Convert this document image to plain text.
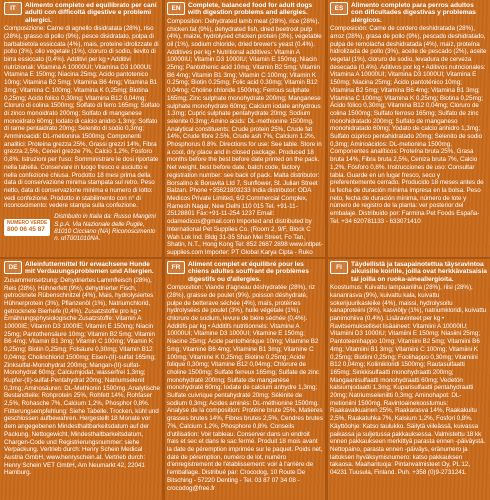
IT	Alimento completo ed equilibrato per cani adulti con difficoltà digestive e problemi allergici.

Composizione: Carne di agnello disidratata (28%), riso (28%), grasso di pollo (9%), pesce disidratato, polpa di barbabietola essiccata (4%), mais, proteine idrolizzate di pollo (3%), olio vegetale (1%), cloruro di sodio, lievito di birra essiccato (0,4%). Additivi per kg • Additivi nutrizionali: Vitamina A 10000UI; Vitamina D3 1000UI; Vitamina E 150mg; Niacina 25mg; Acido pantotenico 10mg; Vitamina B2 5mg; Vitamina B6 4mg; Vitamina B1 3mg; Vitamina C 100mg; Vitamina K 0,25mg; Biotina 0,25mg; Acido folico 0,30mg; Vitamina B12 0,04mg; Cloruro di colina 1500mg; Solfato di ferro 165mg; Solfato di zinco monoidrato 200mg; Solfato di manganese monoidrato 60mg; Iodato di calcio anidro 1,3mg; Solfato di rame pentaidrato 20mg; Selenito di sodio 0,3mg; Amminoacidi: DL-metionina 1500mg. Componenti analitici: Proteina grezza 25%, Grassi grezzi 14%, Fibra grezza 2,5%, Ceneri grezze 7%, Calcio 1,2%, Fosforo 0,8%. Istruzioni per l'uso: Somministrare le dosi riportate nella tabella. Conservare in luogo fresco e asciutto e nella confezione chiusa. Prodotto 18 mesi prima della data di conservazione minima stampata sul retro. Peso netto, data di conservazione minima e numero di lotto: vedi confezione. Prodotto in stabilimento con n° di riconoscimento: vedere stampa sulla confezione.

NUMERO VERDE
800 06 45 87
Distribuito in Italia da: Russo Mangimi S.p.A. Via Nazionale delle Puglie, 81010 Cicciano (NA) Riconoscimento n. αIT001010NA.
EN	Complete, balanced food for adult dogs with digestion problems and allergies.

Composition: Dehydrated lamb meat (28%), rice (28%), chicken fat (9%), dehydrated fish, dried beetroot pulp (4%), maize, hydrolysed chicken protein (3%), vegetable oil (1%), sodium chloride, dried brewer's yeast (0.4%). Additives per kg • Nutritional additives: Vitamin A 10000IU; Vitamin D3 1000IU; Vitamin E 150mg; Niacin 25mg; Pantothenic acid 10mg; Vitamin B2 5mg; Vitamin B6 4mg; Vitamin B1 3mg; Vitamin C 100mg; Vitamin K 0.25mg; Biotin 0.25mg; Folic acid 0.30mg; Vitamin B12 0.04mg; Choline chloride 1500mg; Ferrous sulphate 165mg; Zinc sulphate monohydrate 200mg; Manganese sulphate monohydrate 60mg; Calcium iodate anhydrous 1.3mg; Cupric sulphate pentahydrate 20mg; Sodium selenite 0.3mg; Amino acids: DL-methionine 1500mg. Analytical constituents: Crude protein 25%, Crude fat 14%, Crude fibre 2.5%, Crude ash 7%, Calcium 1.2%, Phosphorus 0.8%. Directions for use: See table. Store in a cool, dry place and in closed package. Produced 18 months before the best before date printed on the pack. Net weight, best before date, batch code, factory registration number: see back of pack. Malta distributor: Borsalino & Bonavita Ltd 7, Sunflower, St. Julian Street Balzan. Phone +35621803233 India distributor: ODA Medicos Private Limited, 6/2 Commercial Complex, Ramesh Nagar, New Delhi 110 015 Tel. +91-11-25128801 Fax:+91-11-254 1237 Email: odamedicos@gmail.com Imported and distributed by International Pet Supplies Co. (Room 2, 9/F, Block C Wah Lok Ind. Bldg 31-35 Shan Mei Street, Fo Tan, Shatin, N.T., Hong Kong Tel: 852 2687 2898 www.intlpet-supplies.com Importer: PT Global Karya Cipta - Ruko

ES	Alimento completo para perros adultos con dificultades digestivas y problemas alérgicos.

Composición: Carne de cordero deshidratada (28%), arroz (28%), grasa de pollo (9%), pescado deshidratado, pulpa de remolacha deshidratada (4%), maíz, proteína hidrolizada de pollo (3%), aceite de pescado (2%), aceite vegetal (1%), cloruro de sodio, levadura de cerveza desecada (0,4%). Aditivos por kg • Aditivos nutricionales: Vitamina A 10000UI; Vitamina D3 1000UI; Vitamina E 150mg; Niacina 25mg; Ácido pantoténico 10mg; Vitamina B2 5mg; Vitamina B6 4mg; Vitamina B1 3mg; Vitamina C 100mg; Vitamina K 0,25mg; Biotina 0,25mg; Ácido fólico 0,30mg; Vitamina B12 0,04mg; Cloruro de colina 1500mg; Sulfato ferroso 165mg; Sulfato de zinc monohidratado 200mg; Sulfato de manganeso monohidratado 60mg; Yodato de calcio anhidro 1,3mg; Sulfato cúprico pentahidratado 20mg; Selenito de sodio 0,3mg; Aminoácidos: DL-metionina 1500mg. Componentes analíticos: Proteína bruta 25%, Grasa bruta 14%, Fibra bruta 2,5%, Ceniza bruta 7%, Calcio 1,2%, Fósforo 0,8%. Instrucciones de uso: Consultar tabla. Guarde en un lugar fresco, seco y preferentemente cerrado. Producido 18 meses antes de la fecha de duración mínima impresa en la bolsa. Peso neto, fecha de duración mínima, número de lote y número de registro de la planta: ver posterior del embalaje. Distribuido por: Farmina Pet Foods España- Tel. +34 620781133 - 633071410

DE	Alleinfuttermittel für erwachsene Hunde mit Verdauungsproblemen und Allergien.

Zusammensetzung: Dehydriertes Lammfleisch (28%), Reis (28%), Hühnerfett (9%), dehydrierter Fisch, getrocknete Rübenschnitzel (4%), Mais, hydrolysiertes Hühnerprotein (3%), Pflanzenöl (1%), Natriumchlorid, getrocknete Bierhefe (0,4%). Zusatzstoffe pro kg • Ernährungsphysiologische Zusatzstoffe: Vitamin A 10000IE; Vitamin D3 1000IE; Vitamin E 150mg; Niacin 25mg; Pantothensäure 10mg; Vitamin B2 5mg; Vitamin B6 4mg; Vitamin B1 3mg; Vitamin C 100mg; Vitamin K 0,25mg; Biotin 0,25mg; Folsäure 0,30mg; Vitamin B12 0,04mg; Cholinchlorid 1500mg; Eisen-(II)-sulfat 165mg; Zinksulfat-Monohydrat 200mg; Mangan-(II)-sulfat-Monohydrat 60mg; Calciumjodat, wasserfrei 1,3mg; Kupfer-(II)-sulfat-Pentahydrat 20mg; Natriumselenit 0,3mg; Aminosäuren: DL-Methionin 1500mg. Analytische Bestandteile: Rohprotein 25%, Rohfett 14%, Rohfaser 2,5%, Rohasche 7%, Calcium 1,2%, Phosphor 0,8%. Fütterungsempfehlung: Siehe Tabelle. Trocken, kühl und geschlossen aufbewahren. Hergestellt 18 Monate vor dem angegebenen Mindesthaltbarkeitsdatum auf der Packung. Nettogewicht, Mindesthaltbarkeitsdatum, Chargen-Code und Registrierungsnummer: siehe Verpackung. Vertrieb durch: Henry Schein Medical Austria GmbH, www.henryschein.at. Vertrieb durch: Henry Schein VET GmbH, Am Neumarkt 42, 22041 Hamburg.

FR	Aliment complet et équilibré pour les chiens adultes souffrant de problèmes digestifs ou d'allergies.

Composition: Viande d'agneau déshydratée (28%), riz (28%), graisse de poulet (9%), poisson déshydraté, pulpe de betterave séchée (4%), maïs, protéines hydrolysées de poulet (3%), huile végétale (1%), chlorure de sodium, levure de bière séchée (0,4%). Additifs par kg • Additifs nutritionnels: Vitamine A 10000UI; Vitamine D3 1000UI; Vitamine E 150mg; Niacine 25mg; Acide pantothénique 10mg; Vitamine B2 5mg; Vitamine B6 4mg; Vitamine B1 3mg; Vitamine C 100mg; Vitamine K 0,25mg; Biotine 0,25mg; Acide folique 0,30mg; Vitamine B12 0,04mg; Chlorure de choline 1500mg; Sulfate ferreux 165mg; Sulfate de zinc monohydraté 200mg; Sulfate de manganèse monohydraté 60mg; Iodate de calcium anhydre 1,3mg; Sulfate cuivrique pentahydraté 20mg; Sélénite de sodium 0,3mg; Acides aminés: DL-méthionine 1500mg. Analyse de la composition: Protéine brute 25%, Matières grasses brutes 14%, Fibres brutes 2,5%, Cendres brutes 7%, Calcium 1,2%, Phosphore 0,8%. Conseils d'utilisation: Voir tableau. Conserver dans un endroit frais et sec et dans le sac fermé. Produit 18 mois avant la date de péremption imprimée sur le paquet. Poids net, date de péremption, numéro de lot, numéro d'enregistrement de l'établissement: voir à l'arrière de l'emballage. Distribué par: Crocodog, 10 Route De Bitsching - 57220 Denting - Tel. 03 87 07 34 08 - crocodog@free.fr

FI	Täydellistä ja tasapainotettua täysravintoa aikuisille koirille, joilla ovat herkkävatsaisia tai joilla on ruoka-aineallergioita.

Koostumus: Kuivattu lampaanliha (28%), riisi (28%), kananrasva (9%), kuivattu kala, kuivattu sokerijuurikasleike (4%), maissi, hydrolysoitu kanaproteiini (3%), kasviöljy (1%), natriumkloridi, kuivattu panimohiiva (0,4%). Lisäravinteet per kg • Ravitsemukselliset lisäaineet: Vitamiini A 10000IU; Vitamiini D3 1000IU; Vitamiini E 150mg; Niasiini 25mg; Pantoteenihappo 10mg; Vitamiini B2 5mg; Vitamiini B6 4mg; Vitamiini B1 3mg; Vitamiini C 100mg; Vitamiini K 0,25mg; Biotiini 0,25mg; Foolihappo 0,30mg; Vitamiini B12 0,04mg; Koliinikloridi 1500mg; Rautasulfaatti 165mg; Sinkkisulfaatti monohydraatti 200mg; Mangaanisulfaatti monohydraatti 60mg; Vedetön kalsiumjodaatti 1,3mg; Kuparisulfaatti pentahydraatti 20mg; Natriumseleniitti 0,3mg; Aminohapot: DL-metioniini 1500mg. Ravintoainekoostumus: Raakavalkuainen 25%, Raakarasva 14%, Raakakuitu 2,5%, Raakatuhka 7%, Kalsium 1,2%, Fosfori 0,8%. Käyttöohje: Katso taulukko. Säilytä viileässä, kuivassa paikassa ja suljetussa pakkauksessa. Valmistettu 18 kk ennen pakkaukseen merkittyä parasta ennen -päiväystä. Nettopaino, parasta ennen -päiväys, eränumero ja laitoksen hyväksymisnumero: katso pakkauksen takaosa. Maahantuoja: Pintanvalmisteet Oy, PL 12, 04231 Tuusula, Finland. Puh. +358 (0)9-2731241.
